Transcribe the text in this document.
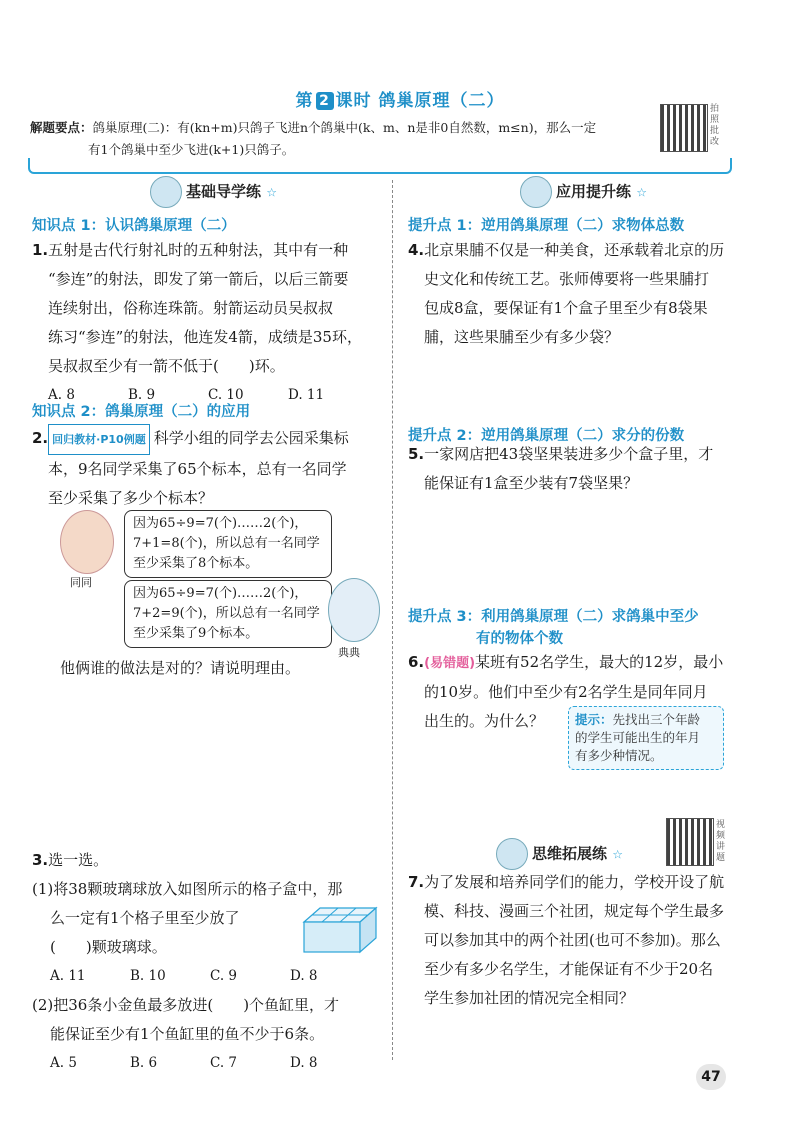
第 2 课时 鸽巢原理（二）
解题要点：鸽巢原理(二)：有(kn+m)只鸽子飞进n个鸽巢中(k、m、n是非0自然数，m≤n)，那么一定
有1个鸽巢中至少飞进(k+1)只鸽子。
拍照批改
基础导学练 ☆
知识点 1：认识鸽巢原理（二）
1.五射是古代行射礼时的五种射法，其中有一种
“参连”的射法，即发了第一箭后，以后三箭要
连续射出，俗称连珠箭。射箭运动员吴叔叔
练习“参连”的射法，他连发4箭，成绩是35环，
吴叔叔至少有一箭不低于(　　)环。
A. 8	B. 9	C. 10	D. 11
知识点 2：鸽巢原理（二）的应用
2. 回归教材·P10例题 科学小组的同学去公园采集标
本，9名同学采集了65个标本，总有一名同学
至少采集了多少个标本？
同同
因为65÷9=7(个)……2(个)，
7+1=8(个)，所以总有一名同学
至少采集了8个标本。
因为65÷9=7(个)……2(个)，
7+2=9(个)，所以总有一名同学
至少采集了9个标本。
典典
他俩谁的做法是对的？请说明理由。
3.选一选。
(1)将38颗玻璃球放入如图所示的格子盒中，那
么一定有1个格子里至少放了
(　　)颗玻璃球。
A. 11	B. 10	C. 9	D. 8
(2)把36条小金鱼最多放进(　　)个鱼缸里，才
能保证至少有1个鱼缸里的鱼不少于6条。
A. 5	B. 6	C. 7	D. 8
应用提升练 ☆
提升点 1：逆用鸽巢原理（二）求物体总数
4.北京果脯不仅是一种美食，还承载着北京的历
史文化和传统工艺。张师傅要将一些果脯打
包成8盒，要保证有1个盒子里至少有8袋果
脯，这些果脯至少有多少袋？
提升点 2：逆用鸽巢原理（二）求分的份数
5.一家网店把43袋坚果装进多少个盒子里，才
能保证有1盒至少装有7袋坚果？
提升点 3：利用鸽巢原理（二）求鸽巢中至少
有的物体个数
6.(易错题)某班有52名学生，最大的12岁，最小
的10岁。他们中至少有2名学生是同年同月
出生的。为什么？	提示：先找出三个年龄
的学生可能出生的年月
有多少种情况。
思维拓展练 ☆
视频讲题
7.为了发展和培养同学们的能力，学校开设了航
模、科技、漫画三个社团，规定每个学生最多
可以参加其中的两个社团(也可不参加)。那么
至少有多少名学生，才能保证有不少于20名
学生参加社团的情况完全相同？
47
